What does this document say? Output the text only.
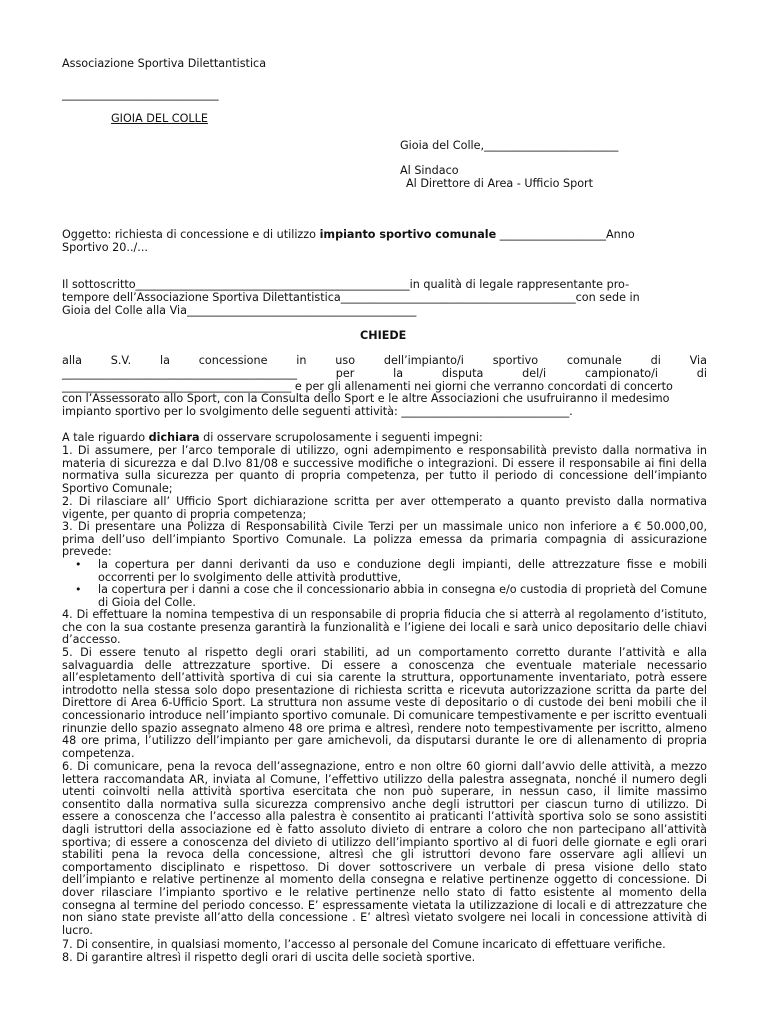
Associazione Sportiva Dilettantistica
____________________________
GIOIA DEL COLLE
Gioia del Colle,________________________
Al Sindaco
Al Direttore di Area - Ufficio Sport
Oggetto: richiesta di concessione e di utilizzo impianto sportivo comunale ___________________Anno
Sportivo 20../...
Il sottoscritto_________________________________________________in qualità di legale rappresentante pro-
tempore dell’Associazione Sportiva Dilettantistica__________________________________________con sede in
Gioia del Colle alla Via_________________________________________
CHIEDE
alla S.V. la concessione in uso dell’impianto/i sportivo comunale di Via
__________________________________________ per la disputa del/i campionato/i di
_________________________________________ e per gli allenamenti nei giorni che verranno concordati di concerto
con l’Assessorato allo Sport, con la Consulta dello Sport e le altre Associazioni che usufruiranno il medesimo
impianto sportivo per lo svolgimento delle seguenti attività: ______________________________.
A tale riguardo dichiara di osservare scrupolosamente i seguenti impegni:
1. Di assumere, per l’arco temporale di utilizzo, ogni adempimento e responsabilità previsto dalla normativa in materia di sicurezza e dal D.lvo 81/08 e successive modifiche o integrazioni. Di essere il responsabile ai fini della normativa sulla sicurezza per quanto di propria competenza, per tutto il periodo di concessione dell’impianto Sportivo Comunale;
2. Di rilasciare all’ Ufficio Sport dichiarazione scritta per aver ottemperato a quanto previsto dalla normativa vigente, per quanto di propria competenza;
3. Di presentare una Polizza di Responsabilità Civile Terzi per un massimale unico non inferiore a € 50.000,00, prima dell’uso dell’impianto Sportivo Comunale. La polizza emessa da primaria compagnia di assicurazione prevede:
• la copertura per danni derivanti da uso e conduzione degli impianti, delle attrezzature fisse e mobili occorrenti per lo svolgimento delle attività produttive,
• la copertura per i danni a cose che il concessionario abbia in consegna e/o custodia di proprietà del Comune di Gioia del Colle.
4. Di effettuare la nomina tempestiva di un responsabile di propria fiducia che si atterrà al regolamento d’istituto, che con la sua costante presenza garantirà la funzionalità e l’igiene dei locali e sarà unico depositario delle chiavi d’accesso.
5. Di essere tenuto al rispetto degli orari stabiliti, ad un comportamento corretto durante l’attività e alla salvaguardia delle attrezzature sportive. Di essere a conoscenza che eventuale materiale necessario all’espletamento dell’attività sportiva di cui sia carente la struttura, opportunamente inventariato, potrà essere introdotto nella stessa solo dopo presentazione di richiesta scritta e ricevuta autorizzazione scritta da parte del Direttore di Area 6-Ufficio Sport. La struttura non assume veste di depositario o di custode dei beni mobili che il concessionario introduce nell’impianto sportivo comunale. Di comunicare tempestivamente e per iscritto eventuali rinunzie dello spazio assegnato almeno 48 ore prima e altresì, rendere noto tempestivamente per iscritto, almeno 48 ore prima, l’utilizzo dell’impianto per gare amichevoli, da disputarsi durante le ore di allenamento di propria competenza.
6. Di comunicare, pena la revoca dell’assegnazione, entro e non oltre 60 giorni dall’avvio delle attività, a mezzo lettera raccomandata AR, inviata al Comune, l’effettivo utilizzo della palestra assegnata, nonché il numero degli utenti coinvolti nella attività sportiva esercitata che non può superare, in nessun caso, il limite massimo consentito dalla normativa sulla sicurezza comprensivo anche degli istruttori per ciascun turno di utilizzo. Di essere a conoscenza che l’accesso alla palestra è consentito ai praticanti l’attività sportiva solo se sono assistiti dagli istruttori della associazione ed è fatto assoluto divieto di entrare a coloro che non partecipano all’attività sportiva; di essere a conoscenza del divieto di utilizzo dell’impianto sportivo al di fuori delle giornate e egli orari stabiliti pena la revoca della concessione, altresì che gli istruttori devono fare osservare agli allievi un comportamento disciplinato e rispettoso. Di dover sottoscrivere un verbale di presa visione dello stato dell’impianto e relative pertinenze al momento della consegna e relative pertinenze oggetto di concessione. Di dover rilasciare l’impianto sportivo e le relative pertinenze nello stato di fatto esistente al momento della consegna al termine del periodo concesso. E’ espressamente vietata la utilizzazione di locali e di attrezzature che non siano state previste all’atto della concessione . E’ altresì vietato svolgere nei locali in concessione attività di lucro.
7. Di consentire, in qualsiasi momento, l’accesso al personale del Comune incaricato di effettuare verifiche.
8. Di garantire altresì il rispetto degli orari di uscita delle società sportive.
